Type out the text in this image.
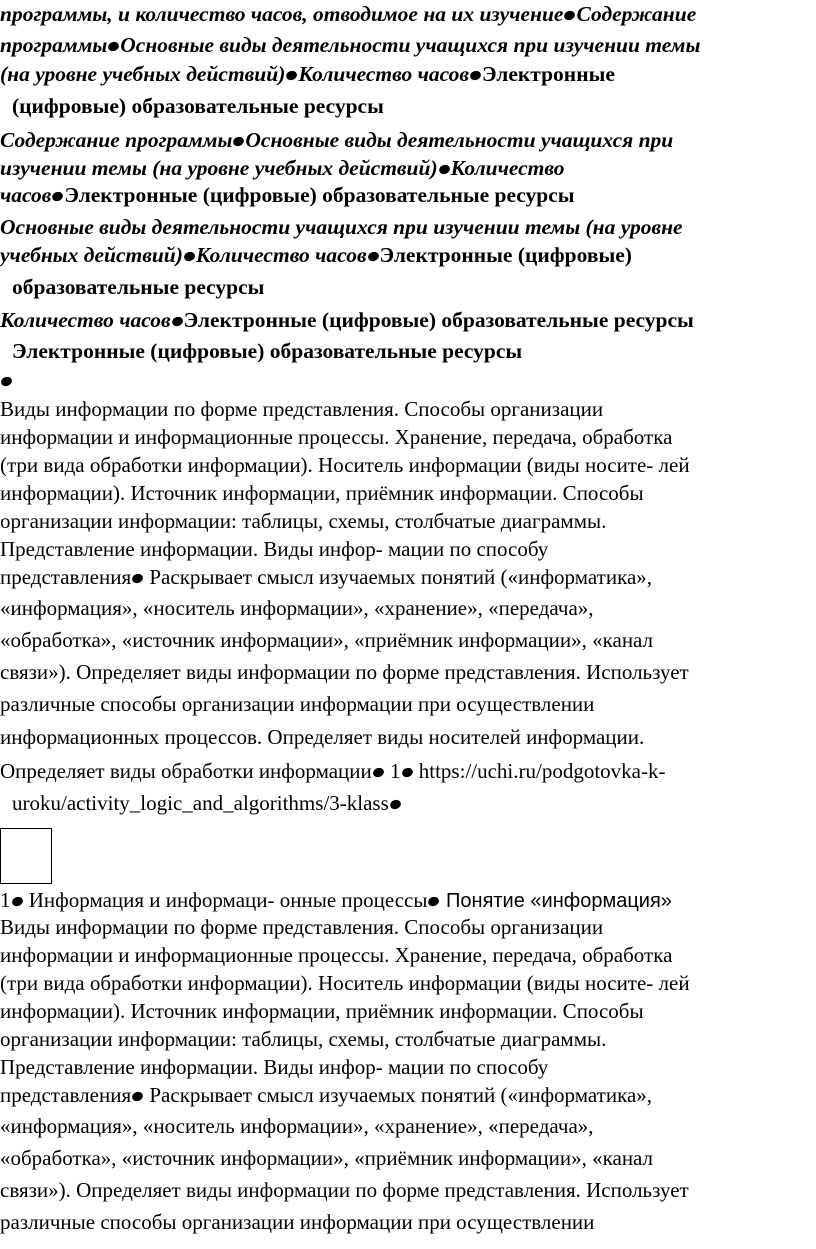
программы, и количество часов, отводимое на их изучение Содержание
программы Основные виды деятельности учащихся при изучении темы
(на уровне учебных действий) Количество часов Электронные
(цифровые) образовательные ресурсы
Содержание программы Основные виды деятельности учащихся при
изучении темы (на уровне учебных действий) Количество
часов Электронные (цифровые) образовательные ресурсы
Основные виды деятельности учащихся при изучении темы (на уровне
учебных действий) Количество часов Электронные (цифровые)
образовательные ресурсы
Количество часов Электронные (цифровые) образовательные ресурсы
Электронные (цифровые) образовательные ресурсы
Виды информации по форме представления. Способы организации
информации и информационные процессы. Хранение, передача, обработка
(три вида обработки информации). Носитель информации (виды носите- лей
информации). Источник информации, приёмник информации. Способы
организации информации: таблицы, схемы, столбчатые диаграммы.
Представление информации. Виды инфор- мации по способу
представления Раскрывает смысл изучаемых понятий («информатика»,
«информация», «носитель информации», «хранение», «передача»,
«обработка», «источник информации», «приёмник информации», «канал
связи»). Определяет виды информации по форме представления. Использует
различные способы организации информации при осуществлении
информационных процессов. Определяет виды носителей информации.
Определяет виды обработки информации 1 https://uchi.ru/podgotovka-k-
uroku/activity_logic_and_algorithms/3-klass
1 Информация и информаци- онные процессы Понятие «информация»
Виды информации по форме представления. Способы организации
информации и информационные процессы. Хранение, передача, обработка
(три вида обработки информации). Носитель информации (виды носите- лей
информации). Источник информации, приёмник информации. Способы
организации информации: таблицы, схемы, столбчатые диаграммы.
Представление информации. Виды инфор- мации по способу
представления Раскрывает смысл изучаемых понятий («информатика»,
«информация», «носитель информации», «хранение», «передача»,
«обработка», «источник информации», «приёмник информации», «канал
связи»). Определяет виды информации по форме представления. Использует
различные способы организации информации при осуществлении
